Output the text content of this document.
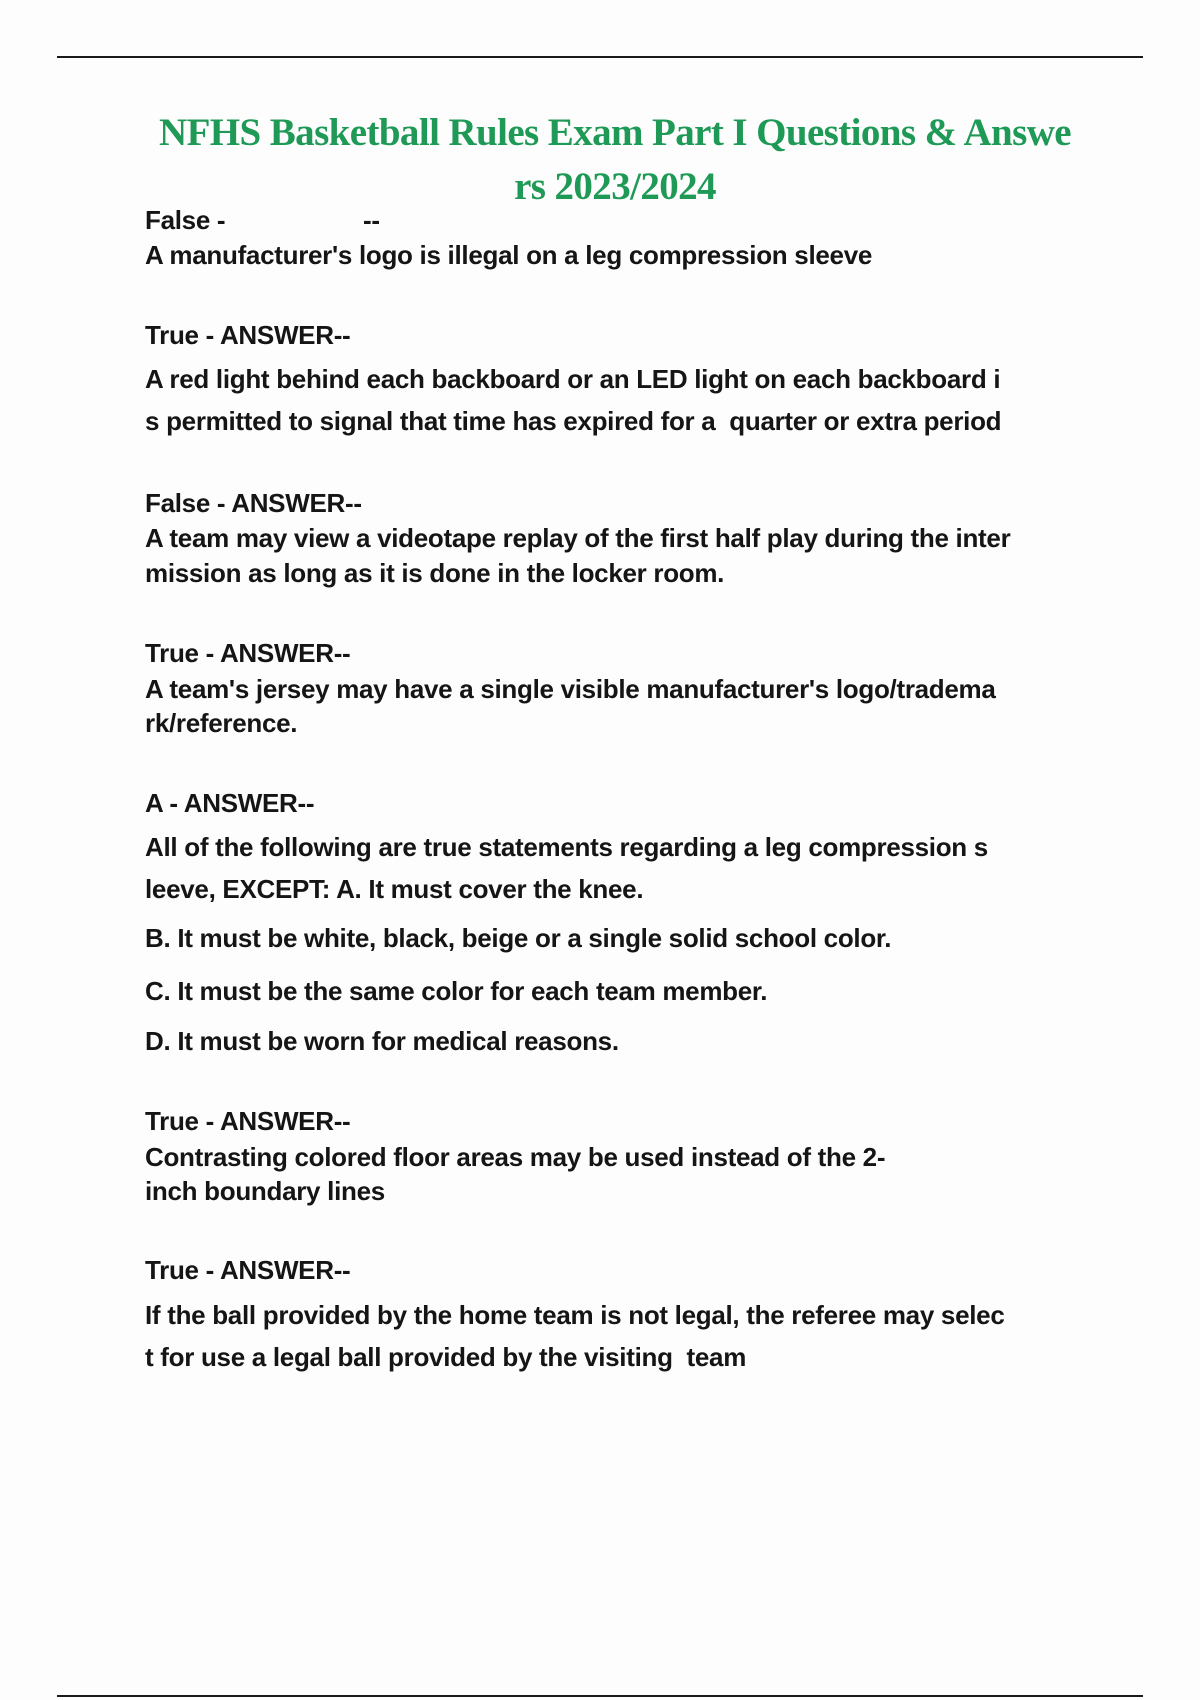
NFHS Basketball Rules Exam Part I Questions & Answe
rs 2023/2024
False -	--
A manufacturer's logo is illegal on a leg compression sleeve
True - ANSWER--
A red light behind each backboard or an LED light on each backboard i
s permitted to signal that time has expired for a  quarter or extra period
False - ANSWER--
A team may view a videotape replay of the first half play during the inter
mission as long as it is done in the locker room.
True - ANSWER--
A team's jersey may have a single visible manufacturer's logo/tradema
rk/reference.
A - ANSWER--
All of the following are true statements regarding a leg compression s
leeve, EXCEPT: A. It must cover the knee.
B. It must be white, black, beige or a single solid school color.
C. It must be the same color for each team member.
D. It must be worn for medical reasons.
True - ANSWER--
Contrasting colored floor areas may be used instead of the 2-
inch boundary lines
True - ANSWER--
If the ball provided by the home team is not legal, the referee may selec
t for use a legal ball provided by the visiting  team
